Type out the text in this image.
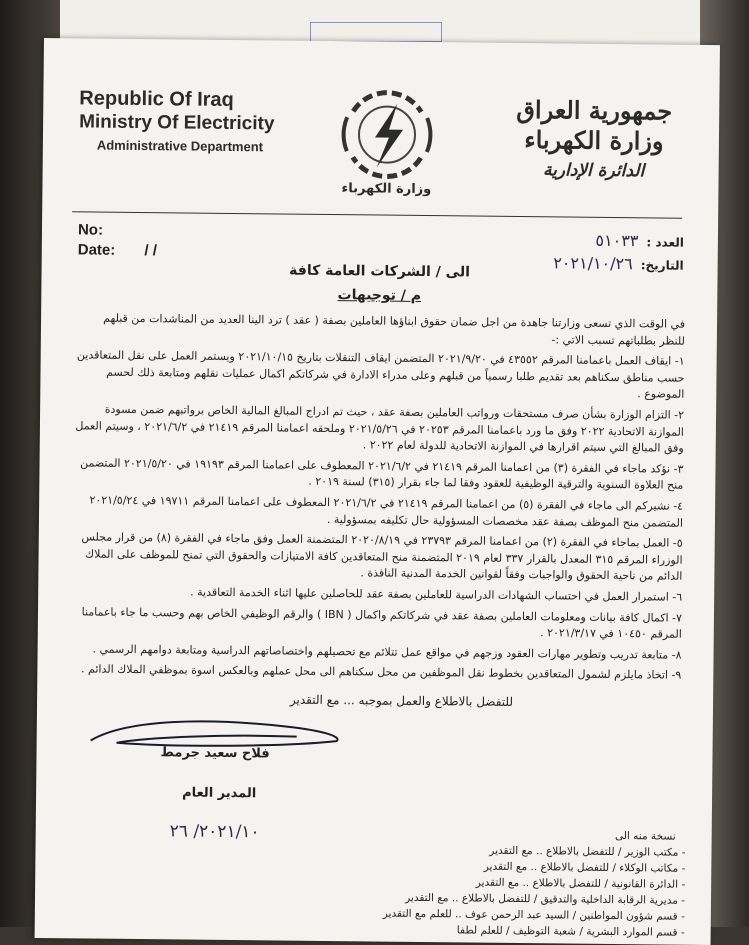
Republic Of Iraq
Ministry Of Electricity
Administrative Department
وزارة الكهرباء
جمهورية العراق
وزارة الكهرباء
الدائرة الإدارية
No:
Date: / /	العدد :٥١٠٣٣
التاريخ:٢٠٢١/١٠/٢٦
الى / الشركات العامة كافة
م / توجيهات

في الوقت الذي تسعى وزارتنا جاهدة من اجل ضمان حقوق ابناؤها العاملين بصفة ( عقد ) ترد الينا العديد من المناشدات من قبلهم للنظر بطلباتهم تسبب الاتي :-

١- ايقاف العمل باعمامنا المرقم ٤٣٥٥٢ في ٢٠٢١/٩/٢٠ المتضمن ايقاف التنقلات بتاريخ ٢٠٢١/١٠/١٥ ويستمر العمل على نقل المتعاقدين حسب مناطق سكناهم بعد تقديم طلبا رسمياً من قبلهم وعلى مدراء الادارة في شركاتكم اكمال عمليات نقلهم ومتابعة ذلك لحسم الموضوع .

٢- التزام الوزارة بشأن صرف مستحقات ورواتب العاملين بصفة عقد ، حيث تم ادراج المبالغ المالية الخاص برواتبهم ضمن مسودة الموازنة الاتحادية ٢٠٢٢ وفق ما ورد باعمامنا المرقم ٢٠٢٥٣ في ٢٠٢١/٥/٢٦ وملحقه اعمامنا المرقم ٢١٤١٩ في ٢٠٢١/٦/٢ ، وسيتم العمل وفق المبالغ التي سيتم اقرارها في الموازنة الاتحادية للدولة لعام ٢٠٢٢ .

٣- نؤكد ماجاء في الفقرة (٣) من اعمامنا المرقم ٢١٤١٩ في ٢٠٢١/٦/٢ المعطوف على اعمامنا المرقم ١٩١٩٣ في ٢٠٢١/٥/٢٠ المتضمن منح العلاوة السنوية والترقية الوظيفية للعقود وفقا لما جاء بقرار (٣١٥) لسنة ٢٠١٩ .

٤- نشيركم الى ماجاء في الفقرة (٥) من اعمامنا المرقم ٢١٤١٩ في ٢٠٢١/٦/٢ المعطوف على اعمامنا المرقم ١٩٧١١ في ٢٠٢١/٥/٢٤ المتضمن منح الموظف بصفة عقد مخصصات المسؤولية حال تكليفه بمسؤولية .

٥- العمل بماجاء في الفقرة (٢) من اعمامنا المرقم ٢٣٧٩٣ في ٢٠٢٠/٨/١٩ المتضمنة العمل وفق ماجاء في الفقرة (٨) من قرار مجلس الوزراء المرقم ٣١٥ المعدل بالقرار ٣٣٧ لعام ٢٠١٩ المتضمنة منح المتعاقدين كافة الامتيازات والحقوق التي تمنح للموظف على الملاك الدائم من ناحية الحقوق والواجبات وفقاً لقوانين الخدمة المدنية النافذة .

٦- استمرار العمل في احتساب الشهادات الدراسية للعاملين بصفة عقد للحاصلين عليها اثناء الخدمة التعاقدية .

٧- اكمال كافة بيانات ومعلومات العاملين بصفة عقد في شركاتكم واكمال ( IBN ) والرقم الوظيفي الخاص بهم وحسب ما جاء باعمامنا المرقم ١٠٤٥٠ في ٢٠٢١/٣/١٧ .

٨- متابعة تدريب وتطوير مهارات العقود وزجهم في مواقع عمل تتلائم مع تحصيلهم واختصاصاتهم الدراسية ومتابعة دوامهم الرسمي .

٩- اتخاذ مايلزم لشمول المتعاقدين بخطوط نقل الموظفين من محل سكناهم الى محل عملهم وبالعكس اسوة بموظفي الملاك الدائم .

للتفضل بالاطلاع والعمل بموجبه ... مع التقدير
فلاح سعيد جرمط
المدير العام
٢٠٢١/١٠/ ٢٦	نسخة منه الى
- مكتب الوزير / للتفضل بالاطلاع .. مع التقدير
- مكاتب الوكلاء / للتفضل بالاطلاع .. مع التقدير
- الدائرة القانونية / للتفضل بالاطلاع .. مع التقدير
- مديرية الرقابة الداخلية والتدقيق / للتفضل بالاطلاع .. مع التقدير
- قسم شؤون المواطنين / السيد عبد الرحمن عوف .. للعلم مع التقدير
- قسم الموارد البشرية / شعبة التوظيف / للعلم لطفا
